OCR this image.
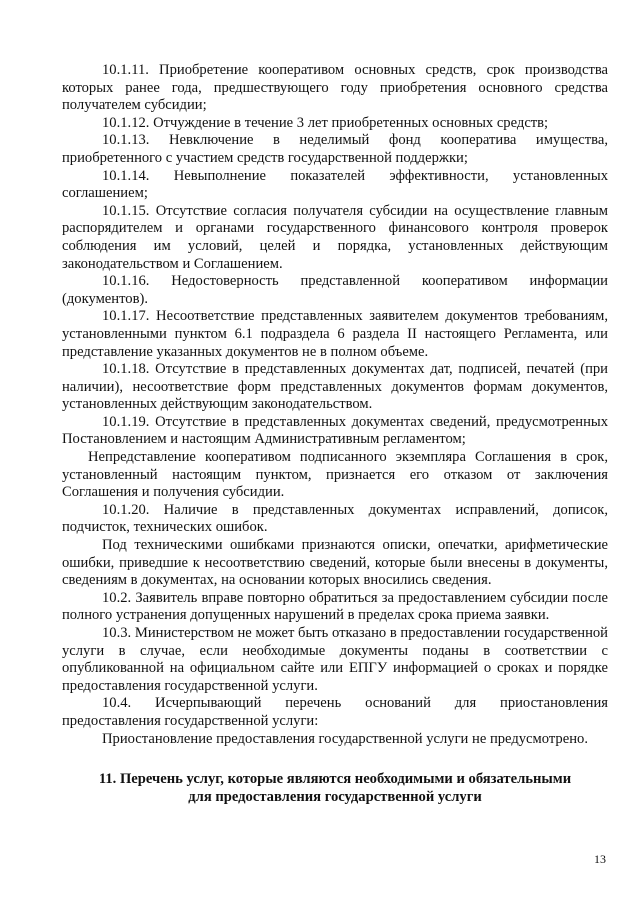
10.1.11. Приобретение кооперативом основных средств, срок производства которых ранее года, предшествующего году приобретения основного средства получателем субсидии;

10.1.12. Отчуждение в течение 3 лет приобретенных основных средств;

10.1.13. Невключение в неделимый фонд кооператива имущества, приобретенного с участием средств государственной поддержки;

10.1.14. Невыполнение показателей эффективности, установленных соглашением;

10.1.15. Отсутствие согласия получателя субсидии на осуществление главным распорядителем и органами государственного финансового контроля проверок соблюдения им условий, целей и порядка, установленных действующим законодательством и Соглашением.

10.1.16. Недостоверность представленной кооперативом информации (документов).

10.1.17. Несоответствие представленных заявителем документов требованиям, установленными пунктом 6.1 подраздела 6 раздела II настоящего Регламента, или представление указанных документов не в полном объеме.

10.1.18. Отсутствие в представленных документах дат, подписей, печатей (при наличии), несоответствие форм представленных документов формам документов, установленных действующим законодательством.

10.1.19. Отсутствие в представленных документах сведений, предусмотренных Постановлением и настоящим Административным регламентом;

Непредставление кооперативом подписанного экземпляра Соглашения в срок, установленный настоящим пунктом, признается его отказом от заключения Соглашения и получения субсидии.

10.1.20. Наличие в представленных документах исправлений, дописок, подчисток, технических ошибок.

Под техническими ошибками признаются описки, опечатки, арифметические ошибки, приведшие к несоответствию сведений, которые были внесены в документы, сведениям в документах, на основании которых вносились сведения.

10.2. Заявитель вправе повторно обратиться за предоставлением субсидии после полного устранения допущенных нарушений в пределах срока приема заявки.

10.3. Министерством не может быть отказано в предоставлении государственной услуги в случае, если необходимые документы поданы в соответствии с опубликованной на официальном сайте или ЕПГУ информацией о сроках и порядке предоставления государственной услуги.

10.4. Исчерпывающий перечень оснований для приостановления предоставления государственной услуги:

Приостановление предоставления государственной услуги не предусмотрено.

11. Перечень услуг, которые являются необходимыми и обязательными
для предоставления государственной услуги
13
